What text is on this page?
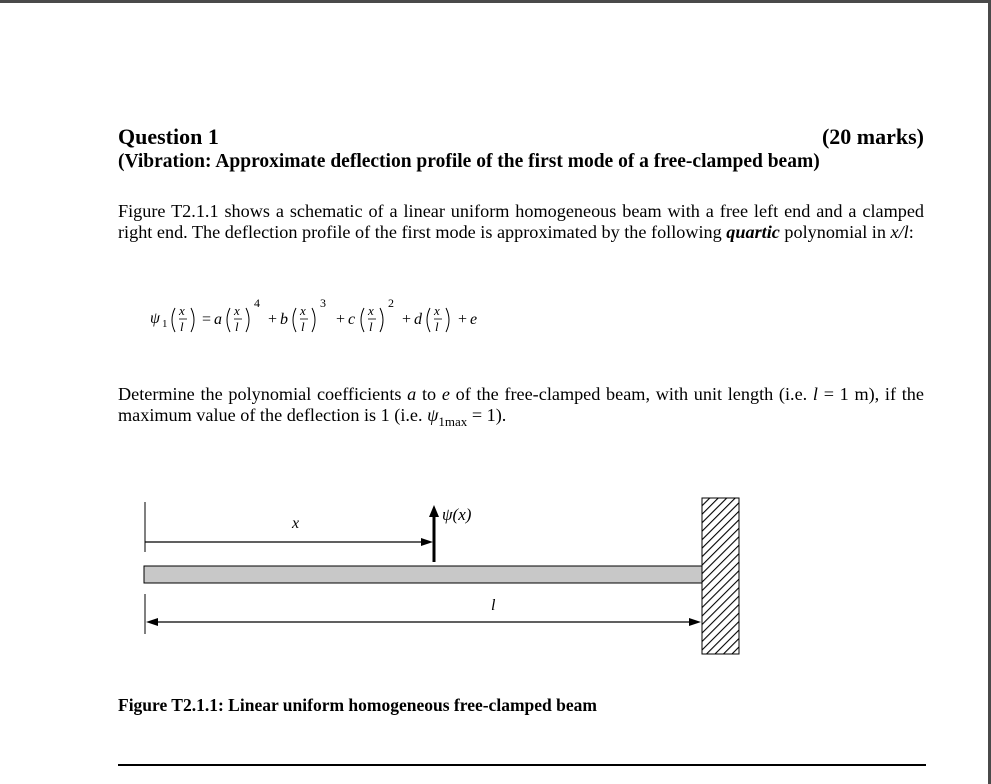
Question 1	(20 marks)
(Vibration: Approximate deflection profile of the first mode of a free-clamped beam)
Figure T2.1.1 shows a schematic of a linear uniform homogeneous beam with a free left end and a clamped right end. The deflection profile of the first mode is approximated by the following quartic polynomial in x/l:
ψ 1
x
l = a
x
l
4
+ b
x
l
3
+ c
x
l
2
+ d
x
l + e
Determine the polynomial coefficients a to e of the free-clamped beam, with unit length (i.e. l = 1 m), if the maximum value of the deflection is 1 (i.e. $\psi_{1max} = 1$).
x	ψ(x)
l
Figure T2.1.1: Linear uniform homogeneous free-clamped beam
